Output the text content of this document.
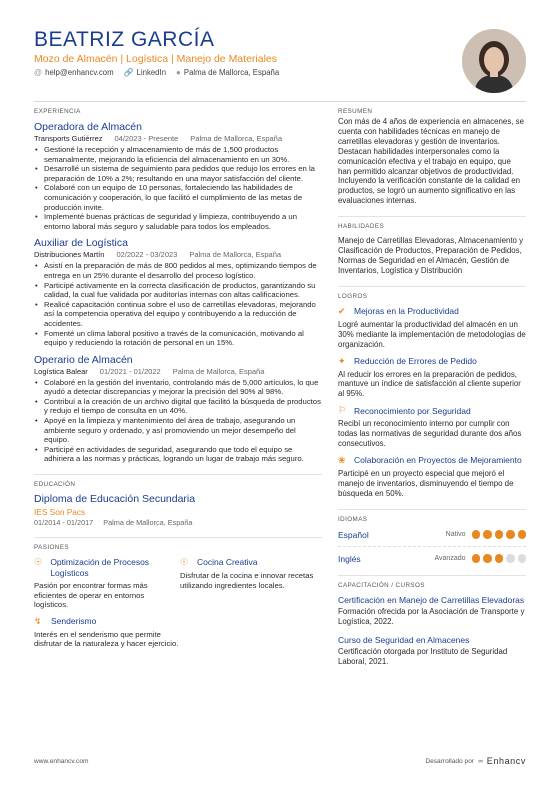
BEATRIZ GARCÍA
Mozo de Almacén | Logística | Manejo de Materiales
@ help@enhancv.com 🔗 LinkedIn ● Palma de Mallorca, España
EXPERIENCIA
Operadora de Almacén
Transports Gutiérrez 04/2023 - Presente Palma de Mallorca, España
• Gestioné la recepción y almacenamiento de más de 1,500 productos semanalmente, mejorando la eficiencia del almacenamiento en un 30%.
• Desarrollé un sistema de seguimiento para pedidos que redujo los errores en la preparación de 10% a 2%; resultando en una mayor satisfacción del cliente.
• Colaboré con un equipo de 10 personas, fortaleciendo las habilidades de comunicación y cooperación, lo que facilitó el cumplimiento de las metas de producción invite.
• Implementé buenas prácticas de seguridad y limpieza, contribuyendo a un entorno laboral más seguro y saludable para todos los empleados.
Auxiliar de Logística
Distribuciones Martín 02/2022 - 03/2023 Palma de Mallorca, España
• Asistí en la preparación de más de 800 pedidos al mes, optimizando tiempos de entrega en un 25% durante el desarrollo del proceso logístico.
• Participé activamente en la correcta clasificación de productos, garantizando su calidad, la cual fue validada por auditorías internas con altas calificaciones.
• Realicé capacitación continua sobre el uso de carretillas elevadoras, mejorando así la competencia operativa del equipo y contribuyendo a la reducción de accidentes.
• Fomenté un clima laboral positivo a través de la comunicación, motivando al equipo y reduciendo la rotación de personal en un 15%.
Operario de Almacén
Logística Balear 01/2021 - 01/2022 Palma de Mallorca, España
• Colaboré en la gestión del inventario, controlando más de 5,000 artículos, lo que ayudó a detectar discrepancias y mejorar la precisión del 90% al 98%.
• Contribuí a la creación de un archivo digital que facilitó la búsqueda de productos y redujo el tiempo de consulta en un 40%.
• Apoyé en la limpieza y mantenimiento del área de trabajo, asegurando un ambiente seguro y ordenado, y así promoviendo un mejor desempeño del equipo.
• Participé en actividades de seguridad, asegurando que todo el equipo se adhiriera a las normas y prácticas, logrando un lugar de trabajo más seguro.
EDUCACIÓN
Diploma de Educación Secundaria
IES Son Pacs
01/2014 - 01/2017 Palma de Mallorca, España
PASIONES
☉ Optimización de Procesos Logísticos
Pasión por encontrar formas más eficientes de operar en entornos logísticos.
☉ Cocina Creativa
Disfrutar de la cocina e innovar recetas utilizando ingredientes locales.
↯ Senderismo
Interés en el senderismo que permite disfrutar de la naturaleza y hacer ejercicio.
RESUMEN
Con más de 4 años de experiencia en almacenes, se cuenta con habilidades técnicas en manejo de carretillas elevadoras y gestión de inventarios. Destacan habilidades interpersonales como la comunicación efectiva y el trabajo en equipo, que han permitido alcanzar objetivos de productividad. Incluyendo la verificación constante de la calidad en productos, se logró un aumento significativo en las evaluaciones internas.
HABILIDADES
Manejo de Carretillas Elevadoras, Almacenamiento y Clasificación de Productos, Preparación de Pedidos, Normas de Seguridad en el Almacén, Gestión de Inventarios, Logística y Distribución
LOGROS
✔ Mejoras en la Productividad
Logré aumentar la productividad del almacén en un 30% mediante la implementación de metodologías de organización.
✦ Reducción de Errores de Pedido
Al reducir los errores en la preparación de pedidos, mantuve un índice de satisfacción al cliente superior al 95%.
⚐ Reconocimiento por Seguridad
Recibí un reconocimiento interno por cumplir con todas las normativas de seguridad durante dos años consecutivos.
❀ Colaboración en Proyectos de Mejoramiento
Participé en un proyecto especial que mejoró el manejo de inventarios, disminuyendo el tiempo de búsqueda en 50%.
IDIOMAS
Español	Nativo
Inglés	Avanzado
CAPACITACIÓN / CURSOS
Certificación en Manejo de Carretillas Elevadoras
Formación ofrecida por la Asociación de Transporte y Logística, 2022.
Curso de Seguridad en Almacenes
Certificación otorgada por Instituto de Seguridad Laboral, 2021.
www.enhancv.com	Desarrollado por ∞ Enhancv
